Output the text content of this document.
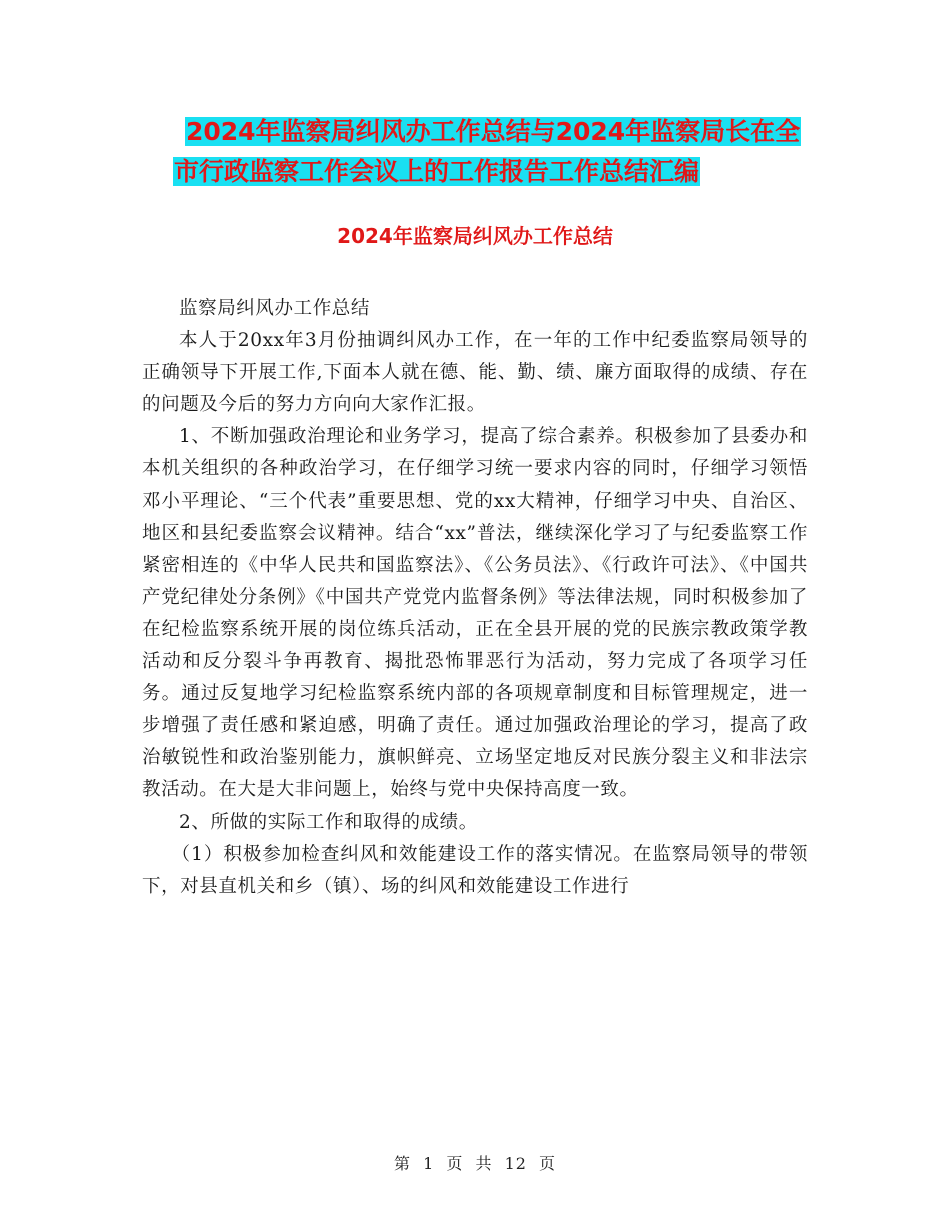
2024年监察局纠风办工作总结与2024年监察局长在全
市行政监察工作会议上的工作报告工作总结汇编
2024年监察局纠风办工作总结

监察局纠风办工作总结

本人于20xx年3月份抽调纠风办工作，在一年的工作中纪委监察局领导的正确领导下开展工作,下面本人就在德、能、勤、绩、廉方面取得的成绩、存在的问题及今后的努力方向向大家作汇报。

1、不断加强政治理论和业务学习，提高了综合素养。积极参加了县委办和本机关组织的各种政治学习，在仔细学习统一要求内容的同时，仔细学习领悟邓小平理论、“三个代表”重要思想、党的xx大精神，仔细学习中央、自治区、地区和县纪委监察会议精神。结合“xx”普法，继续深化学习了与纪委监察工作紧密相连的《中华人民共和国监察法》、《公务员法》、《行政许可法》、《中国共产党纪律处分条例》《中国共产党党内监督条例》等法律法规，同时积极参加了在纪检监察系统开展的岗位练兵活动，正在全县开展的党的民族宗教政策学教活动和反分裂斗争再教育、揭批恐怖罪恶行为活动，努力完成了各项学习任务。通过反复地学习纪检监察系统内部的各项规章制度和目标管理规定，进一步增强了责任感和紧迫感，明确了责任。通过加强政治理论的学习，提高了政治敏锐性和政治鉴别能力，旗帜鲜亮、立场坚定地反对民族分裂主义和非法宗教活动。在大是大非问题上，始终与党中央保持高度一致。

2、所做的实际工作和取得的成绩。

（1）积极参加检查纠风和效能建设工作的落实情况。在监察局领导的带领下，对县直机关和乡（镇）、场的纠风和效能建设工作进行

第 1 页 共 12 页
